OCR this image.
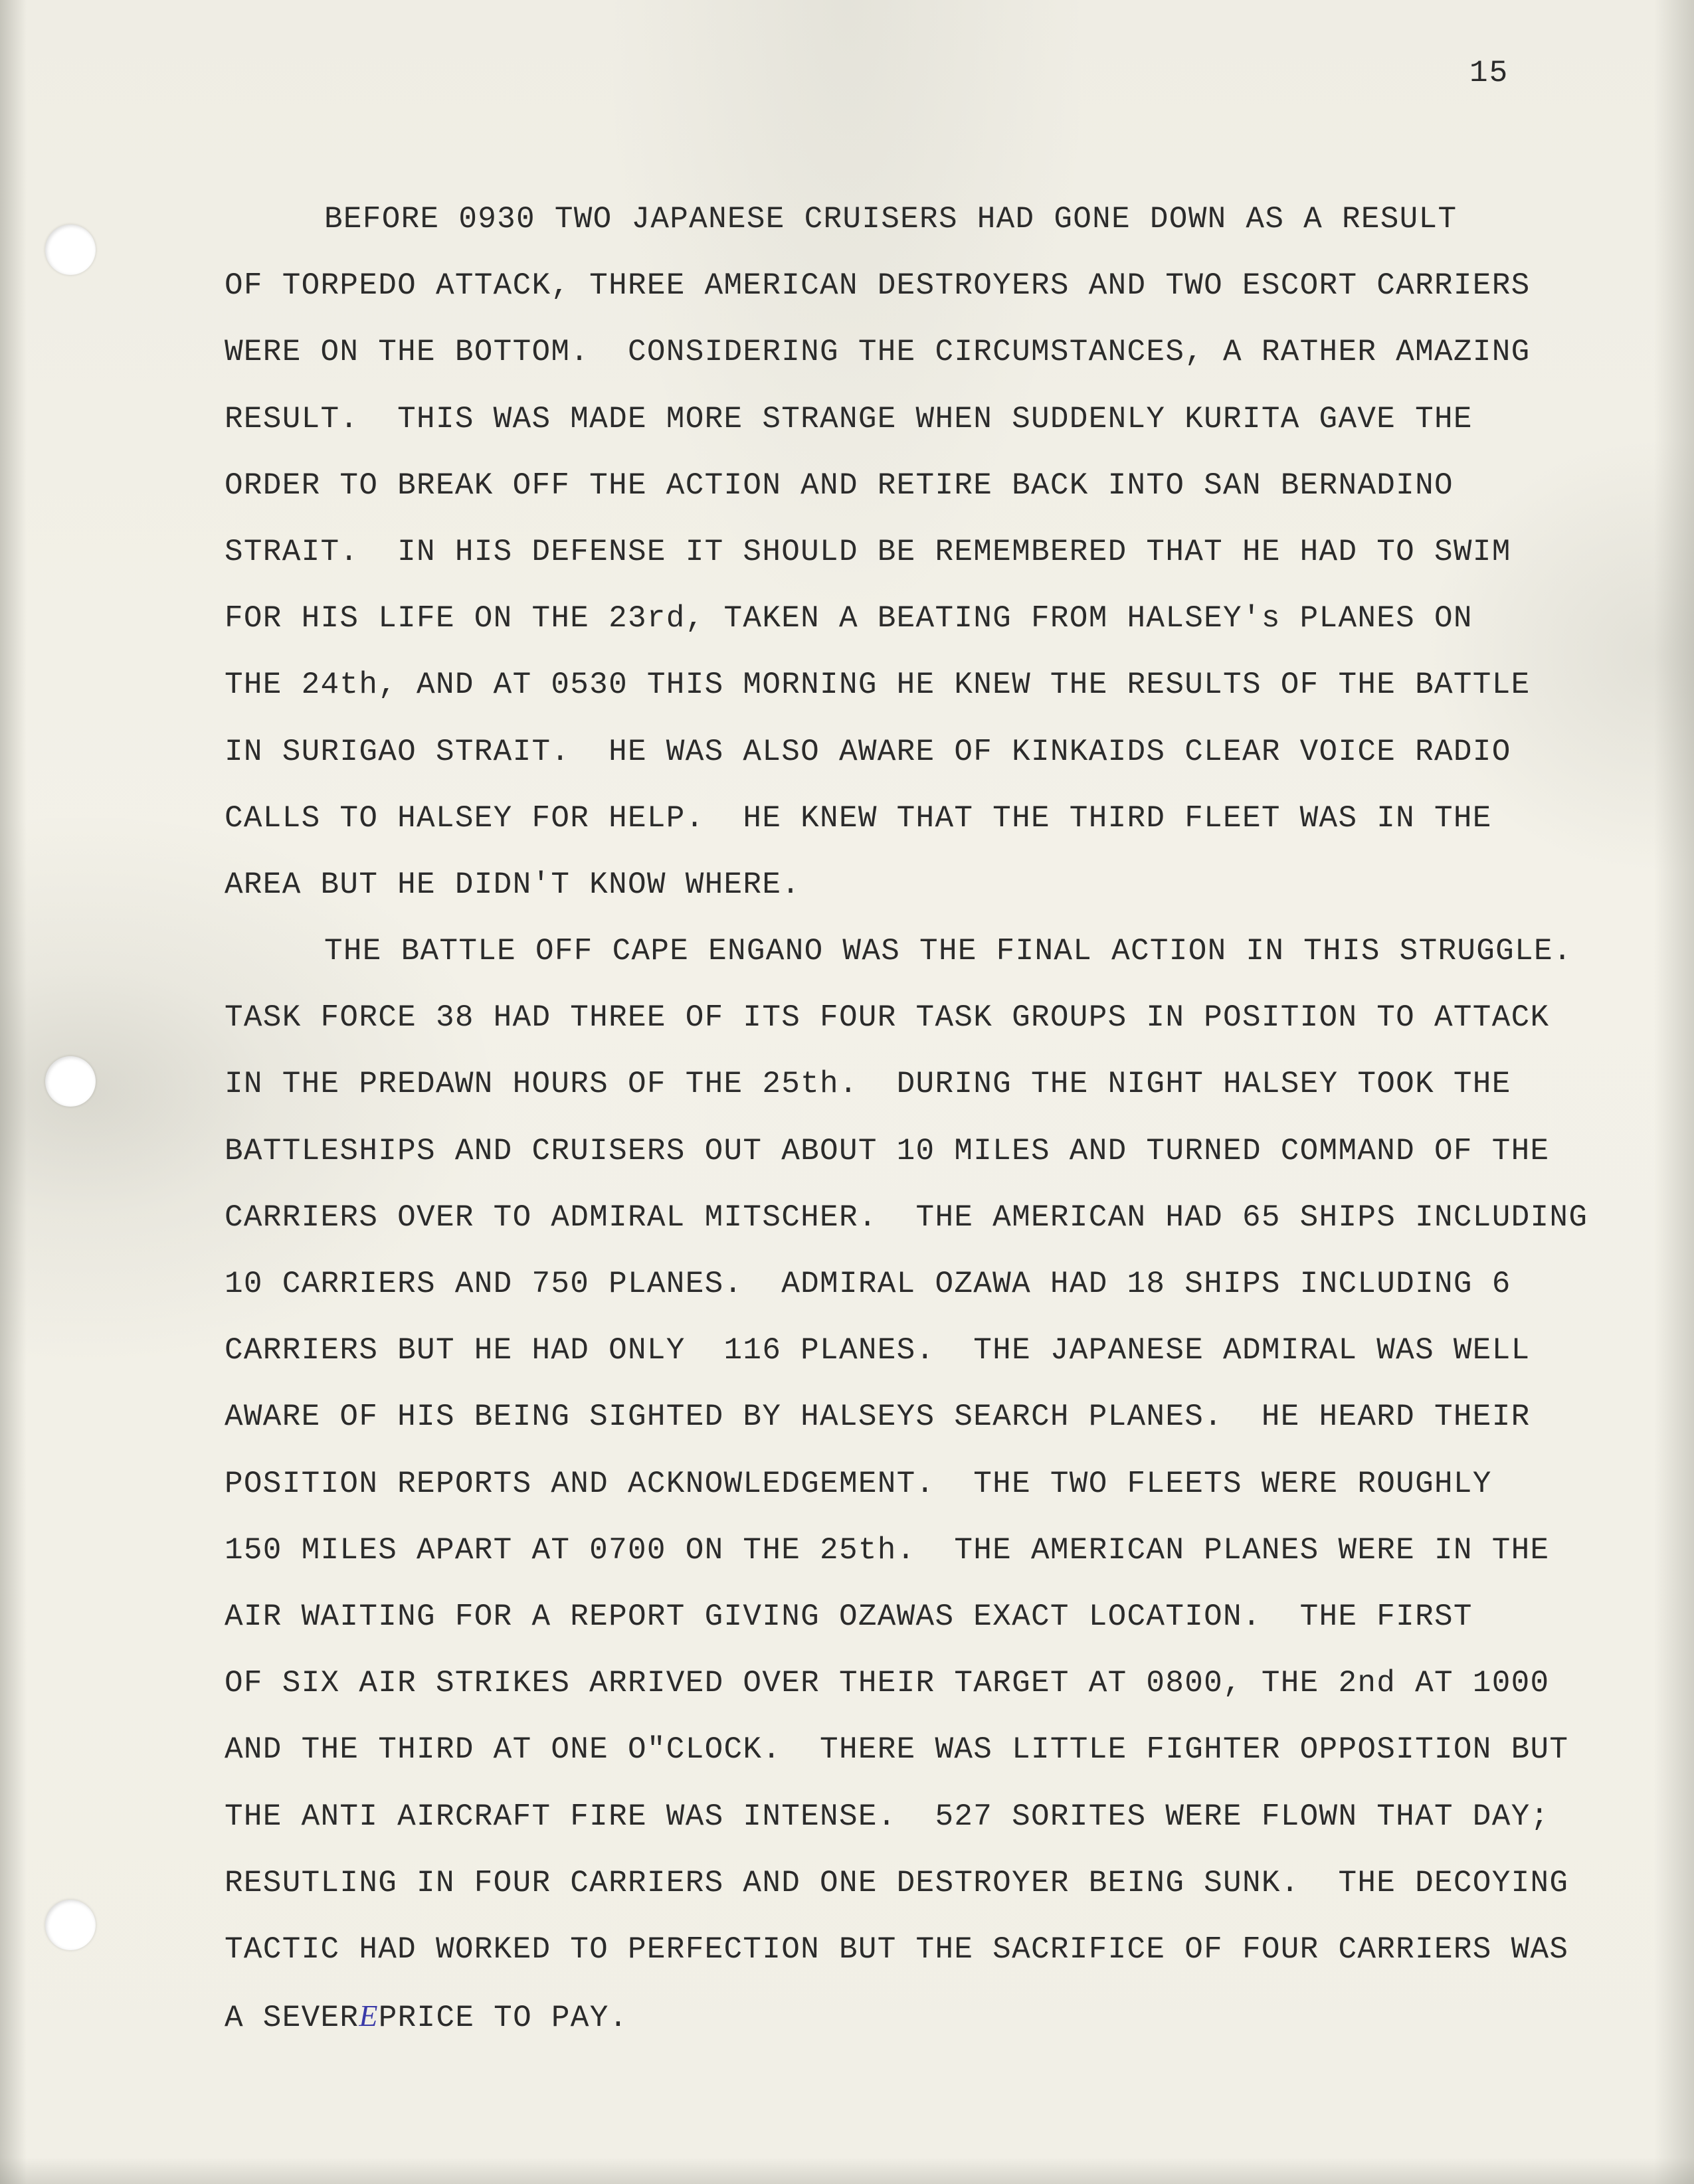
15
BEFORE 0930 TWO JAPANESE CRUISERS HAD GONE DOWN AS A RESULT
OF TORPEDO ATTACK, THREE AMERICAN DESTROYERS AND TWO ESCORT CARRIERS
WERE ON THE BOTTOM.  CONSIDERING THE CIRCUMSTANCES, A RATHER AMAZING
RESULT.  THIS WAS MADE MORE STRANGE WHEN SUDDENLY KURITA GAVE THE
ORDER TO BREAK OFF THE ACTION AND RETIRE BACK INTO SAN BERNADINO
STRAIT.  IN HIS DEFENSE IT SHOULD BE REMEMBERED THAT HE HAD TO SWIM
FOR HIS LIFE ON THE 23rd, TAKEN A BEATING FROM HALSEY's PLANES ON
THE 24th, AND AT 0530 THIS MORNING HE KNEW THE RESULTS OF THE BATTLE
IN SURIGAO STRAIT.  HE WAS ALSO AWARE OF KINKAIDS CLEAR VOICE RADIO
CALLS TO HALSEY FOR HELP.  HE KNEW THAT THE THIRD FLEET WAS IN THE
AREA BUT HE DIDN'T KNOW WHERE.
THE BATTLE OFF CAPE ENGANO WAS THE FINAL ACTION IN THIS STRUGGLE.
TASK FORCE 38 HAD THREE OF ITS FOUR TASK GROUPS IN POSITION TO ATTACK
IN THE PREDAWN HOURS OF THE 25th.  DURING THE NIGHT HALSEY TOOK THE
BATTLESHIPS AND CRUISERS OUT ABOUT 10 MILES AND TURNED COMMAND OF THE
CARRIERS OVER TO ADMIRAL MITSCHER.  THE AMERICAN HAD 65 SHIPS INCLUDING
10 CARRIERS AND 750 PLANES.  ADMIRAL OZAWA HAD 18 SHIPS INCLUDING 6
CARRIERS BUT HE HAD ONLY  116 PLANES.  THE JAPANESE ADMIRAL WAS WELL
AWARE OF HIS BEING SIGHTED BY HALSEYS SEARCH PLANES.  HE HEARD THEIR
POSITION REPORTS AND ACKNOWLEDGEMENT.  THE TWO FLEETS WERE ROUGHLY
150 MILES APART AT 0700 ON THE 25th.  THE AMERICAN PLANES WERE IN THE
AIR WAITING FOR A REPORT GIVING OZAWAS EXACT LOCATION.  THE FIRST
OF SIX AIR STRIKES ARRIVED OVER THEIR TARGET AT 0800, THE 2nd AT 1000
AND THE THIRD AT ONE O"CLOCK.  THERE WAS LITTLE FIGHTER OPPOSITION BUT
THE ANTI AIRCRAFT FIRE WAS INTENSE.  527 SORITES WERE FLOWN THAT DAY;
RESUTLING IN FOUR CARRIERS AND ONE DESTROYER BEING SUNK.  THE DECOYING
TACTIC HAD WORKED TO PERFECTION BUT THE SACRIFICE OF FOUR CARRIERS WAS
A SEVEREPRICE TO PAY.
